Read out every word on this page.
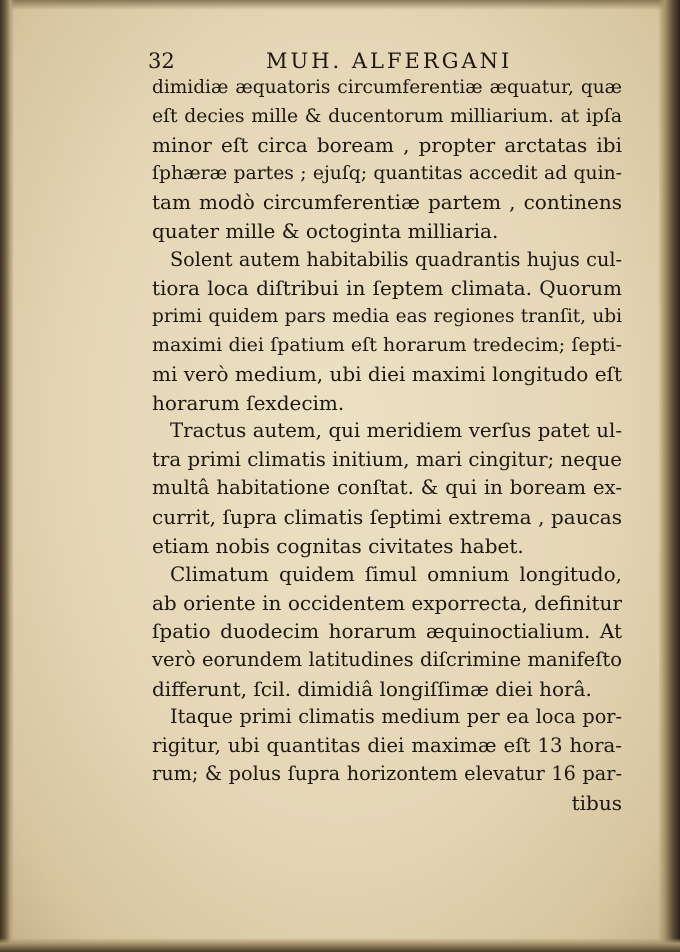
32	MUH. ALFERGANI
dimidiæ æquatoris circumferentiæ æquatur, quæ
eſt decies mille & ducentorum milliarium. at ipſa
minor eſt circa boream , propter arctatas ibi
ſphæræ partes ; ejuſq; quantitas accedit ad quin-
tam modò circumferentiæ partem , continens
quater mille & octoginta milliaria.
Solent autem habitabilis quadrantis hujus cul-
tiora loca diſtribui in ſeptem climata. Quorum
primi quidem pars media eas regiones tranſit, ubi
maximi diei ſpatium eſt horarum tredecim; ſepti-
mi verò medium, ubi diei maximi longitudo eſt
horarum ſexdecim.
Tractus autem, qui meridiem verſus patet ul-
tra primi climatis initium, mari cingitur; neque
multâ habitatione conſtat. & qui in boream ex-
currit, ſupra climatis ſeptimi extrema , paucas
etiam nobis cognitas civitates habet.
Climatum quidem ſimul omnium longitudo,
ab oriente in occidentem exporrecta, definitur
ſpatio duodecim horarum æquinoctialium. At
verò eorundem latitudines diſcrimine manifeſto
differunt, ſcil. dimidiâ longiſſimæ diei horâ.
Itaque primi climatis medium per ea loca por-
rigitur, ubi quantitas diei maximæ eſt 13 hora-
rum; & polus ſupra horizontem elevatur 16 par-
tibus
